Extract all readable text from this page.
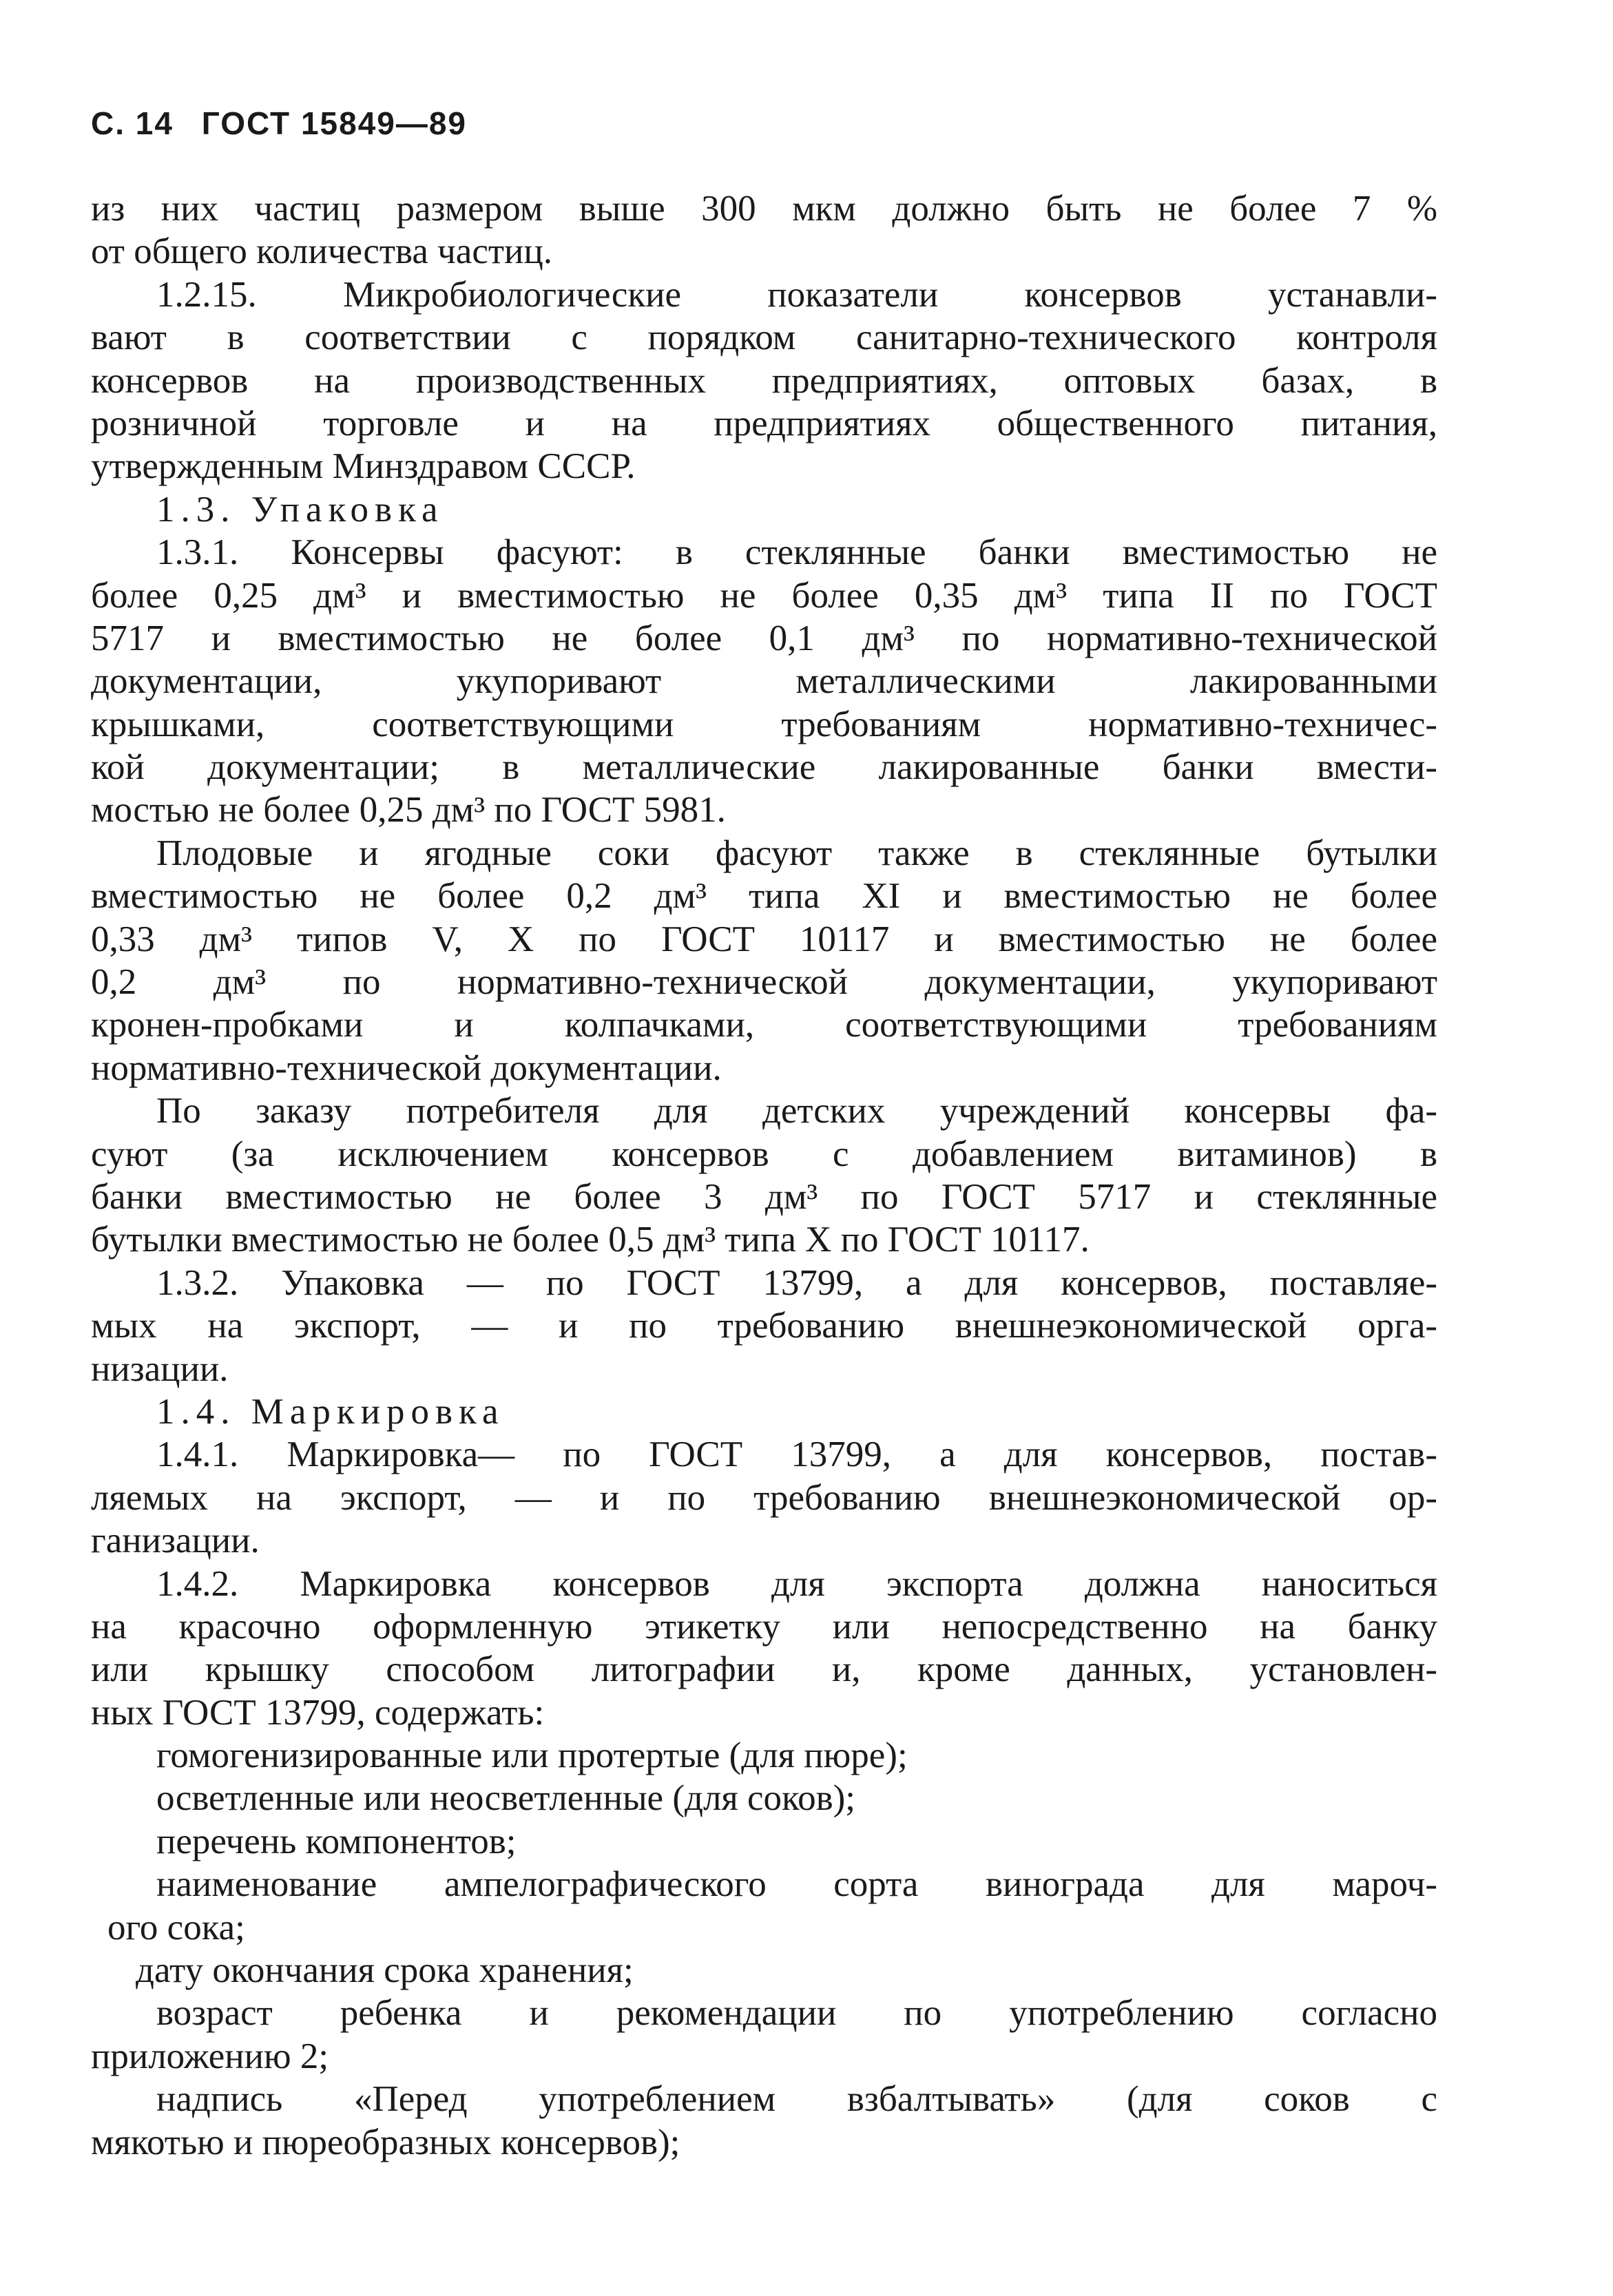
С. 14 ГОСТ 15849—89
из них частиц размером выше 300 мкм должно быть не более 7 %
от общего количества частиц.
1.2.15. Микробиологические показатели консервов устанавли-
вают в соответствии с порядком санитарно-технического контроля
консервов на производственных предприятиях, оптовых базах, в
розничной торговле и на предприятиях общественного питания,
утвержденным Минздравом СССР.
1.3. Упаковка
1.3.1. Консервы фасуют: в стеклянные банки вместимостью не
более 0,25 дм³ и вместимостью не более 0,35 дм³ типа II по ГОСТ
5717 и вместимостью не более 0,1 дм³ по нормативно-технической
документации, укупоривают металлическими лакированными
крышками, соответствующими требованиям нормативно-техничес-
кой документации; в металлические лакированные банки вмести-
мостью не более 0,25 дм³ по ГОСТ 5981.
Плодовые и ягодные соки фасуют также в стеклянные бутылки
вместимостью не более 0,2 дм³ типа XI и вместимостью не более
0,33 дм³ типов V, X по ГОСТ 10117 и вместимостью не более
0,2 дм³ по нормативно-технической документации, укупоривают
кронен-пробками и колпачками, соответствующими требованиям
нормативно-технической документации.
По заказу потребителя для детских учреждений консервы фа-
суют (за исключением консервов с добавлением витаминов) в
банки вместимостью не более 3 дм³ по ГОСТ 5717 и стеклянные
бутылки вместимостью не более 0,5 дм³ типа X по ГОСТ 10117.
1.3.2. Упаковка — по ГОСТ 13799, а для консервов, поставляе-
мых на экспорт, — и по требованию внешнеэкономической орга-
низации.
1.4. Маркировка
1.4.1. Маркировка— по ГОСТ 13799, а для консервов, постав-
ляемых на экспорт, — и по требованию внешнеэкономической ор-
ганизации.
1.4.2. Маркировка консервов для экспорта должна наноситься
на красочно оформленную этикетку или непосредственно на банку
или крышку способом литографии и, кроме данных, установлен-
ных ГОСТ 13799, содержать:
гомогенизированные или протертые (для пюре);
осветленные или неосветленные (для соков);
перечень компонентов;
наименование ампелографического сорта винограда для мароч-
ого сока;
дату окончания срока хранения;
возраст ребенка и рекомендации по употреблению согласно
приложению 2;
надпись «Перед употреблением взбалтывать» (для соков с
мякотью и пюреобразных консервов);
